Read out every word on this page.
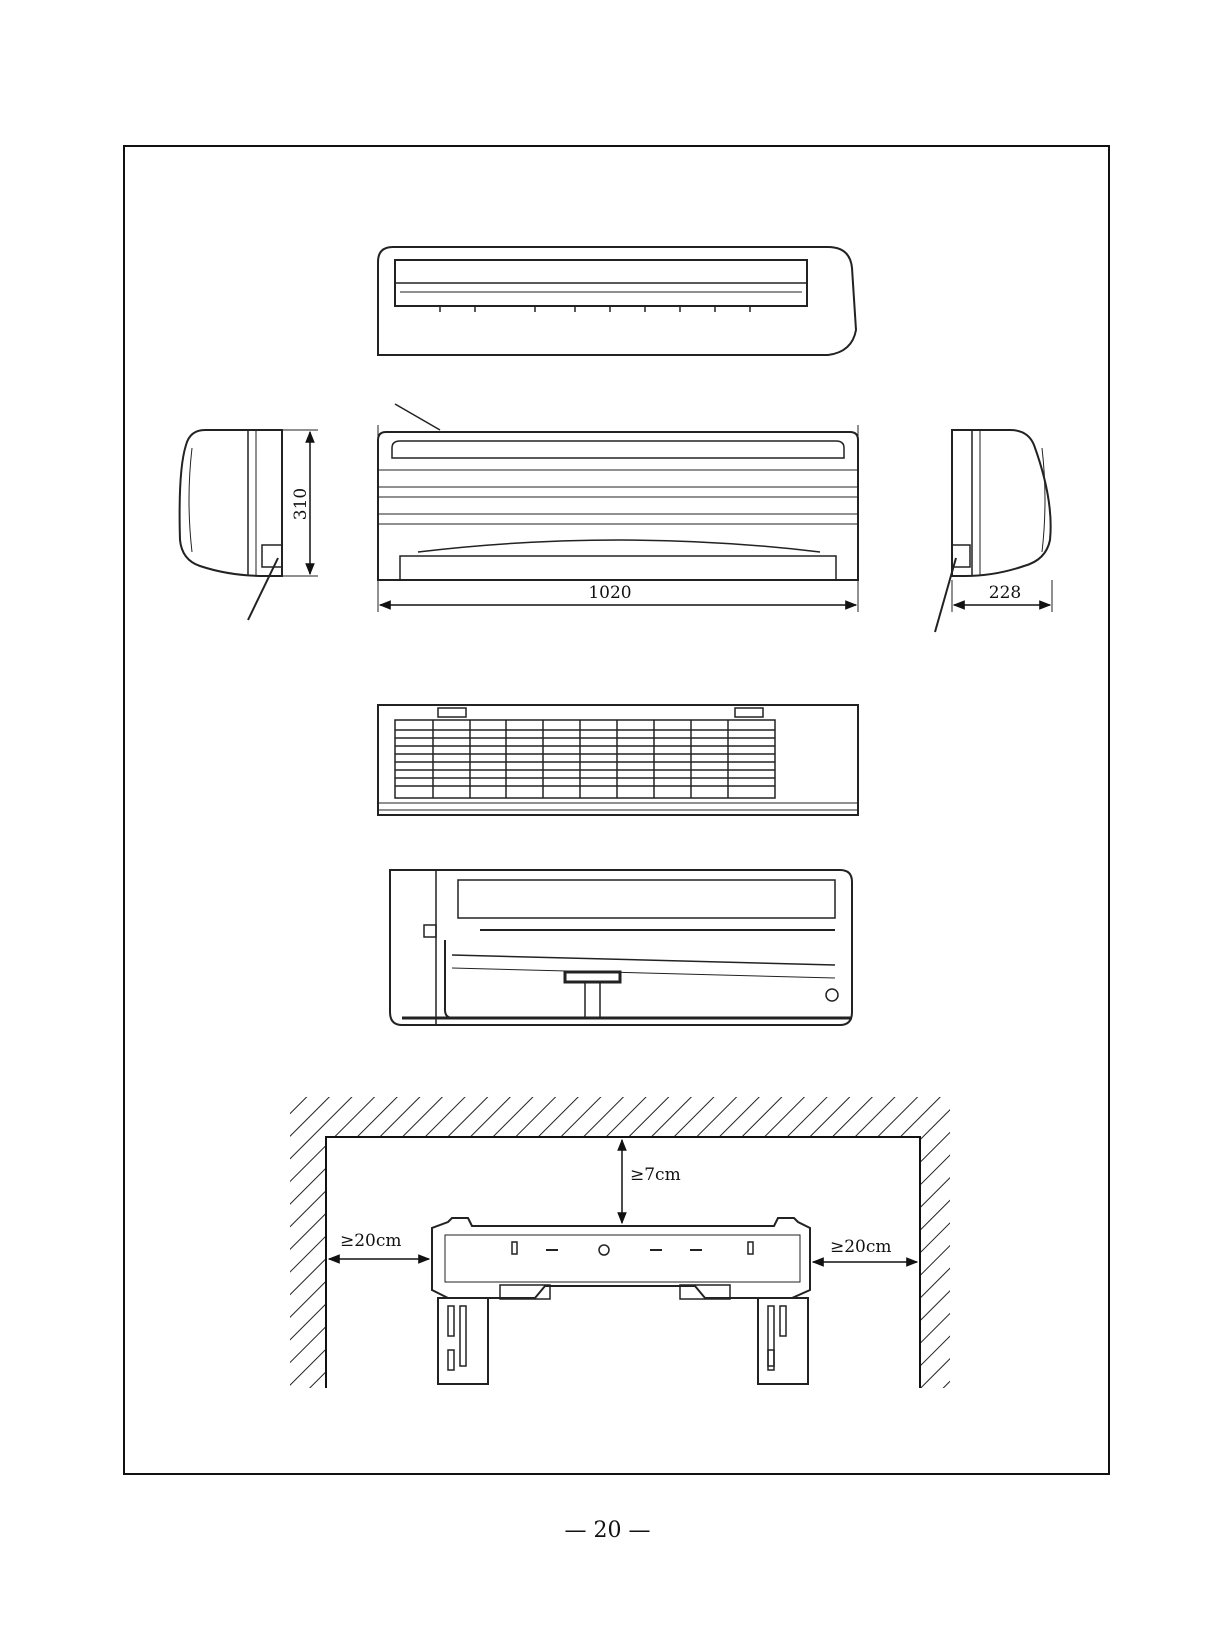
1020
310
228
≥7cm
≥20cm	≥20cm
— 20 —
